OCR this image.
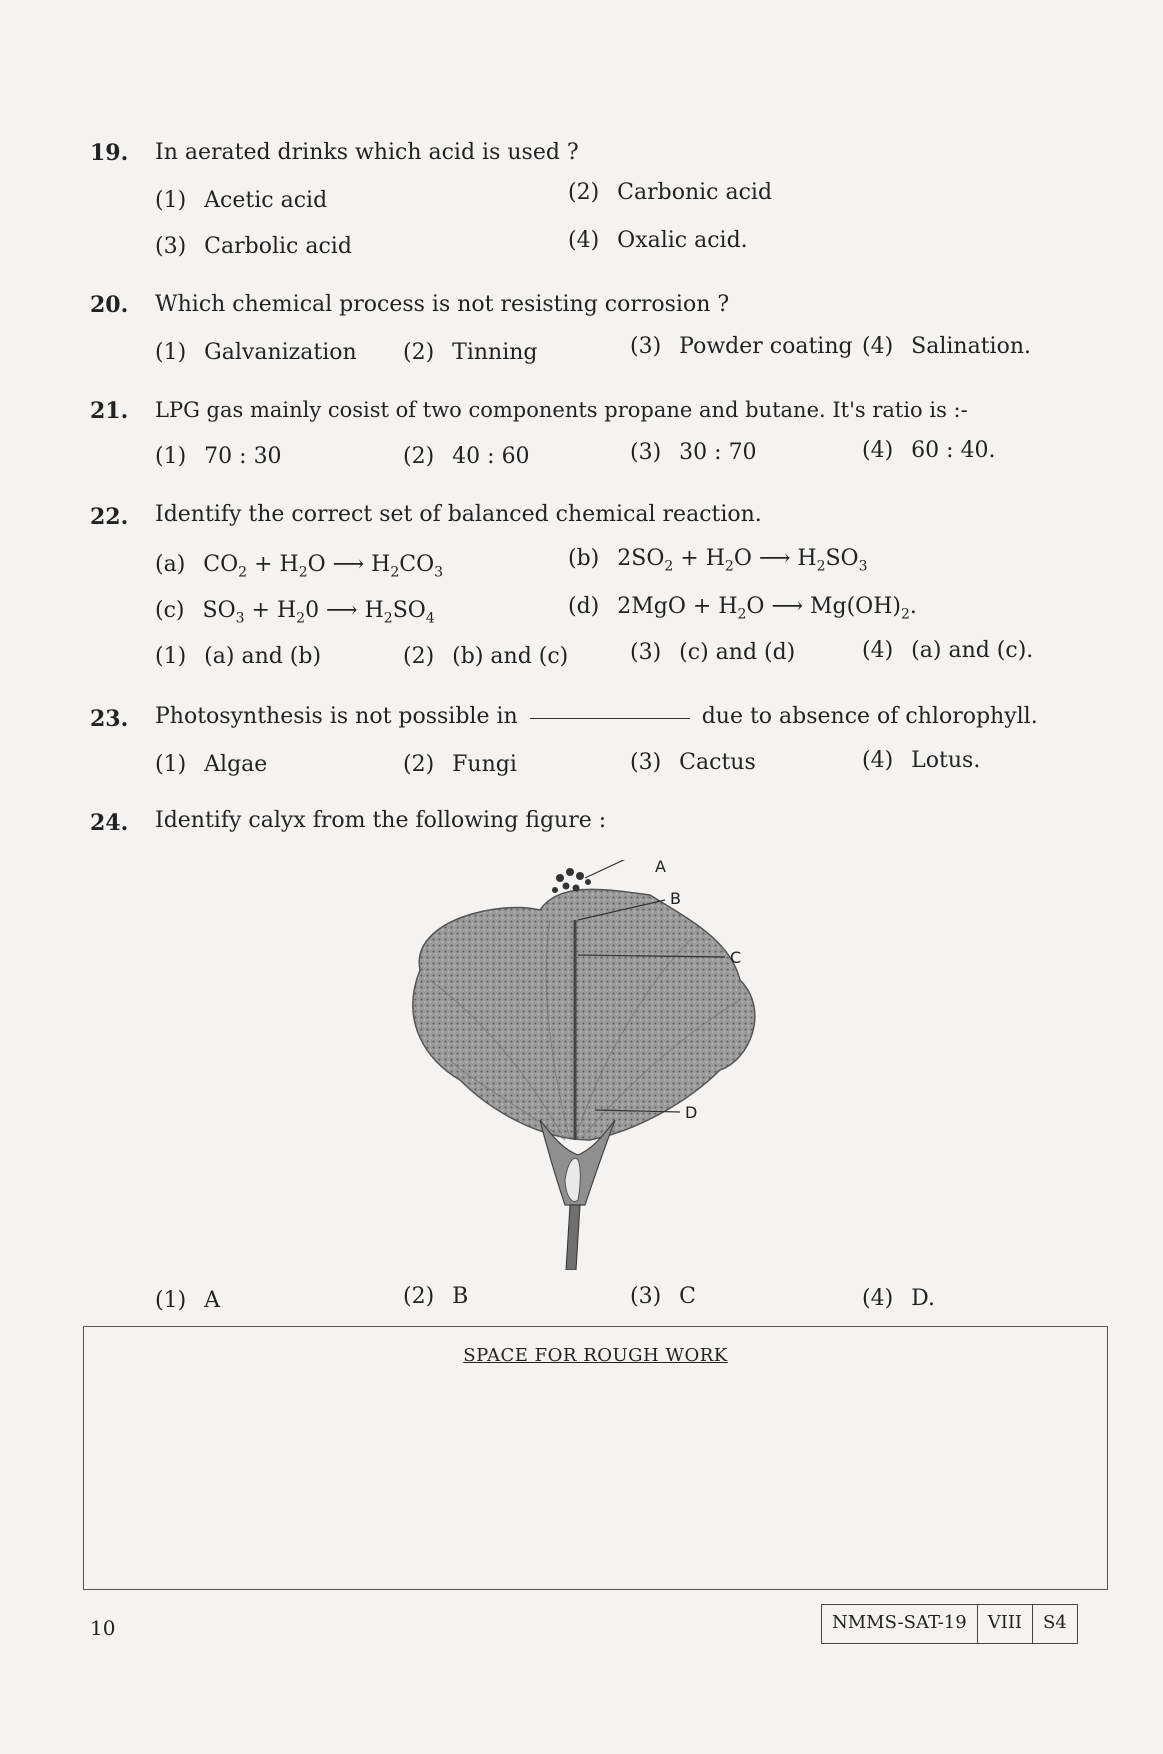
19. In aerated drinks which acid is used ?
(1) Acetic acid	(2) Carbonic acid
(3) Carbolic acid	(4) Oxalic acid.
20. Which chemical process is not resisting corrosion ?
(1) Galvanization (2) Tinning	(3) Powder coating (4) Salination.
21. LPG gas mainly cosist of two components propane and butane. It's ratio is :-
(1) 70 : 30	(2) 40 : 60	(3) 30 : 70	(4) 60 : 40.
22. Identify the correct set of balanced chemical reaction.
(a) $CO_2 + H_2O$ ⟶ $H_2CO_3$
(b) $2SO_2 + H_2O$ ⟶ $H_2SO_3$
(c) $SO_3 + H_20$ ⟶ $H_2SO_4$	(d) $2MgO + H_2O$ ⟶ $Mg(OH)_2$.
(1) (a) and (b)	(2) (b) and (c)	(3) (c) and (d)	(4) (a) and (c).
23. Photosynthesis is not possible in	due to absence of chlorophyll.
(1) Algae	(2) Fungi	(3) Cactus	(4) Lotus.
24. Identify calyx from the following figure :
A
B
C
D
(1) A	(2) B	(3) C	(4) D.
SPACE FOR ROUGH WORK
10	NMMS-SAT-19	VIII	S4
